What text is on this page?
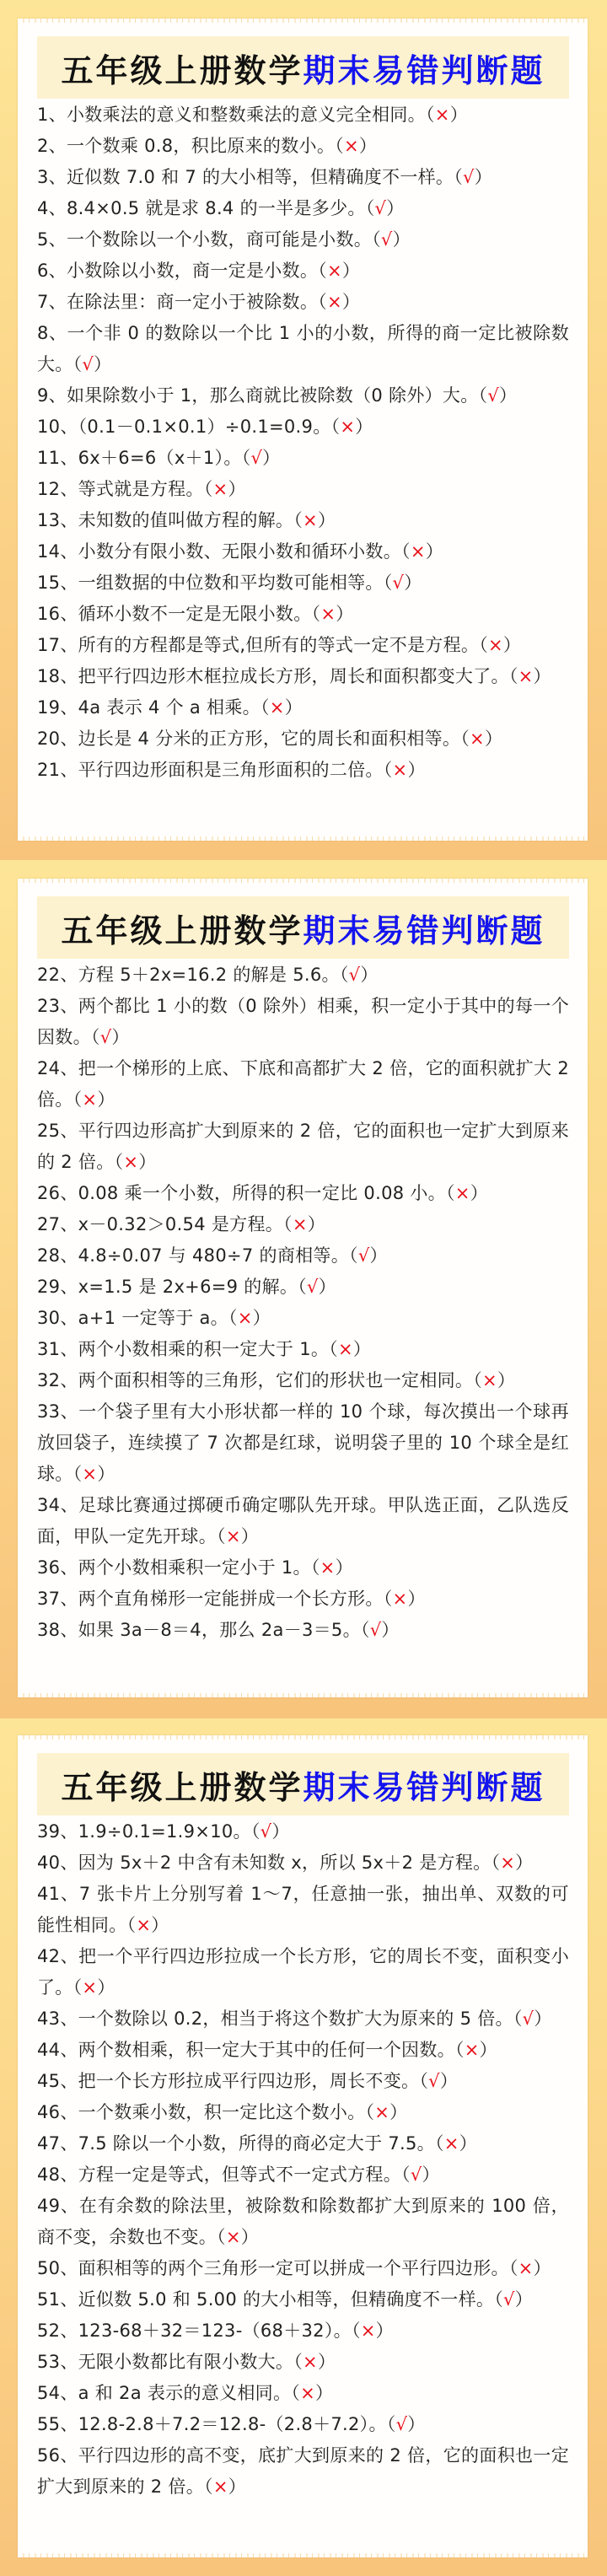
五年级上册数学期末易错判断题
1、小数乘法的意义和整数乘法的意义完全相同。 （ × ）
2、一个数乘 0.8，积比原来的数小。 （ × ）
3、近似数 7.0 和 7 的大小相等，但精确度不一样。 （ √ ）
4、8.4×0.5 就是求 8.4 的一半是多少。 （ √ ）
5、一个数除以一个小数，商可能是小数。 （ √ ）
6、小数除以小数，商一定是小数。 （ × ）
7、在除法里：商一定小于被除数。 （ × ）
8、一个非 0 的数除以一个比 1 小的小数，所得的商一定比被除数大。 （ √ ）
9、如果除数小于 1，那么商就比被除数（0 除外）大。 （ √ ）
10、（0.1－0.1×0.1）÷0.1=0.9。 （ × ）
11、6x＋6=6（x＋1）。 （ √ ）
12、等式就是方程。 （ × ）
13、未知数的值叫做方程的解。 （ × ）
14、小数分有限小数、无限小数和循环小数。 （ × ）
15、一组数据的中位数和平均数可能相等。 （ √ ）
16、循环小数不一定是无限小数。 （ × ）
17、所有的方程都是等式,但所有的等式一定不是方程。 （ × ）
18、把平行四边形木框拉成长方形，周长和面积都变大了。 （ × ）
19、4a 表示 4 个 a 相乘。 （ × ）
20、边长是 4 分米的正方形，它的周长和面积相等。 （ × ）
21、平行四边形面积是三角形面积的二倍。 （ × ）
五年级上册数学期末易错判断题
22、方程 5＋2x=16.2 的解是 5.6。 （ √ ）
23、两个都比 1 小的数（0 除外）相乘，积一定小于其中的每一个因数。 （ √ ）
24、把一个梯形的上底、下底和高都扩大 2 倍，它的面积就扩大 2 倍。 （ × ）
25、平行四边形高扩大到原来的 2 倍，它的面积也一定扩大到原来的 2 倍。 （ × ）
26、0.08 乘一个小数，所得的积一定比 0.08 小。 （ × ）
27、x－0.32＞0.54 是方程。 （ × ）
28、4.8÷0.07 与 480÷7 的商相等。 （ √ ）
29、x=1.5 是 2x+6=9 的解。 （ √ ）
30、a+1 一定等于 a。 （ × ）
31、两个小数相乘的积一定大于 1。 （ × ）
32、两个面积相等的三角形，它们的形状也一定相同。 （ × ）
33、一个袋子里有大小形状都一样的 10 个球，每次摸出一个球再放回袋子，连续摸了 7 次都是红球，说明袋子里的 10 个球全是红球。 （ × ）
34、足球比赛通过掷硬币确定哪队先开球。甲队选正面，乙队选反面，甲队一定先开球。 （ × ）
36、两个小数相乘积一定小于 1。 （ × ）
37、两个直角梯形一定能拼成一个长方形。 （ × ）
38、如果 3a－8＝4，那么 2a－3＝5。 （ √ ）
五年级上册数学期末易错判断题
39、1.9÷0.1=1.9×10。 （ √ ）
40、因为 5x＋2 中含有未知数 x，所以 5x＋2 是方程。 （ × ）
41、7 张卡片上分别写着 1～7，任意抽一张，抽出单、双数的可能性相同。 （ × ）
42、把一个平行四边形拉成一个长方形，它的周长不变，面积变小了。 （ × ）
43、一个数除以 0.2，相当于将这个数扩大为原来的 5 倍。 （ √ ）
44、两个数相乘，积一定大于其中的任何一个因数。 （ × ）
45、把一个长方形拉成平行四边形，周长不变。 （ √ ）
46、一个数乘小数，积一定比这个数小。 （ × ）
47、7.5 除以一个小数，所得的商必定大于 7.5。 （ × ）
48、方程一定是等式，但等式不一定式方程。 （ √ ）
49、在有余数的除法里，被除数和除数都扩大到原来的 100 倍，商不变，余数也不变。 （ × ）
50、面积相等的两个三角形一定可以拼成一个平行四边形。 （ × ）
51、近似数 5.0 和 5.00 的大小相等，但精确度不一样。 （ √ ）
52、123-68＋32＝123-（68＋32）。 （ × ）
53、无限小数都比有限小数大。 （ × ）
54、a 和 2a 表示的意义相同。 （ × ）
55、12.8-2.8＋7.2＝12.8-（2.8＋7.2）。 （ √ ）
56、平行四边形的高不变，底扩大到原来的 2 倍，它的面积也一定扩大到原来的 2 倍。 （ × ）
